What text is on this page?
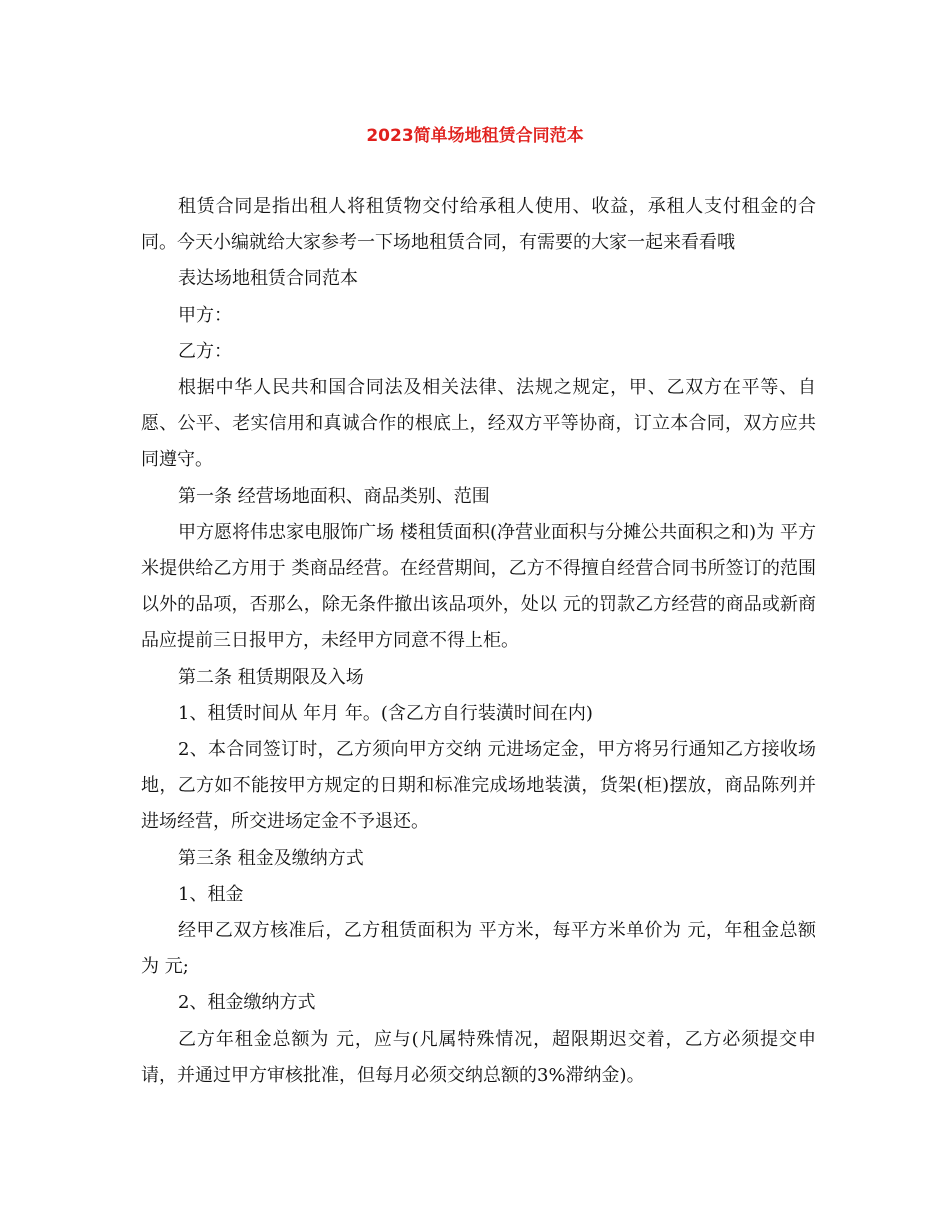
2023简单场地租赁合同范本

租赁合同是指出租人将租赁物交付给承租人使用、收益，承租人支付租金的合同。今天小编就给大家参考一下场地租赁合同，有需要的大家一起来看看哦

表达场地租赁合同范本

甲方：

乙方：

根据中华人民共和国合同法及相关法律、法规之规定，甲、乙双方在平等、自愿、公平、老实信用和真诚合作的根底上，经双方平等协商，订立本合同，双方应共同遵守。

第一条 经营场地面积、商品类别、范围

甲方愿将伟忠家电服饰广场 楼租赁面积(净营业面积与分摊公共面积之和)为 平方米提供给乙方用于 类商品经营。在经营期间，乙方不得擅自经营合同书所签订的范围以外的品项，否那么，除无条件撤出该品项外，处以 元的罚款乙方经营的商品或新商品应提前三日报甲方，未经甲方同意不得上柜。

第二条 租赁期限及入场

1、租赁时间从 年月 年。(含乙方自行装潢时间在内)

2、本合同签订时，乙方须向甲方交纳 元进场定金，甲方将另行通知乙方接收场地，乙方如不能按甲方规定的日期和标准完成场地装潢，货架(柜)摆放，商品陈列并进场经营，所交进场定金不予退还。

第三条 租金及缴纳方式

1、租金

经甲乙双方核准后，乙方租赁面积为 平方米，每平方米单价为 元，年租金总额为 元;

2、租金缴纳方式

乙方年租金总额为 元，应与(凡属特殊情况，超限期迟交着，乙方必须提交申请，并通过甲方审核批准，但每月必须交纳总额的3%滞纳金)。
